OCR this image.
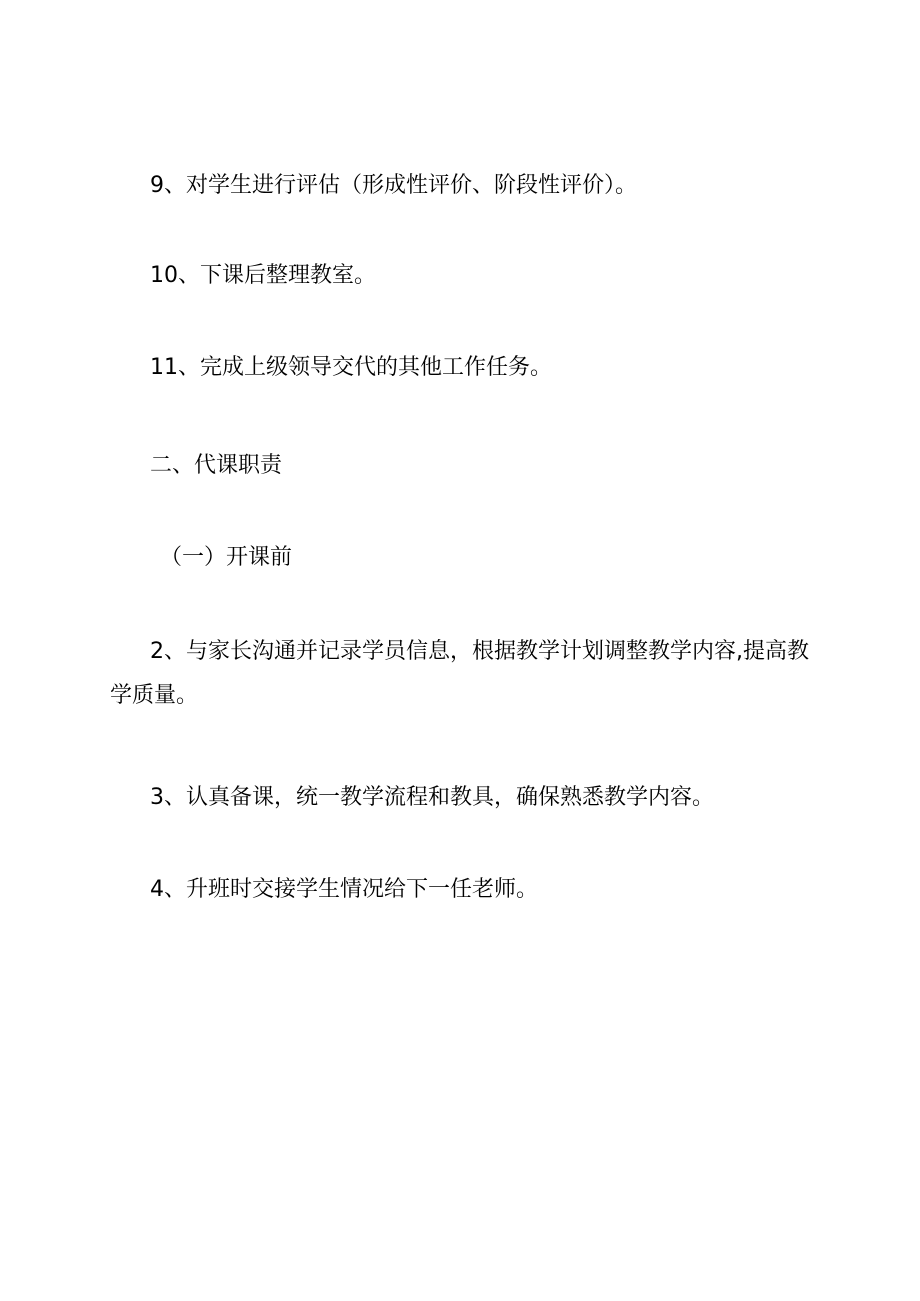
9、对学生进行评估（形成性评价、阶段性评价）。

10、下课后整理教室。

11、完成上级领导交代的其他工作任务。

二、代课职责

（一）开课前

2、与家长沟通并记录学员信息，根据教学计划调整教学内容,提高教学质量。

3、认真备课，统一教学流程和教具，确保熟悉教学内容。

4、升班时交接学生情况给下一任老师。
